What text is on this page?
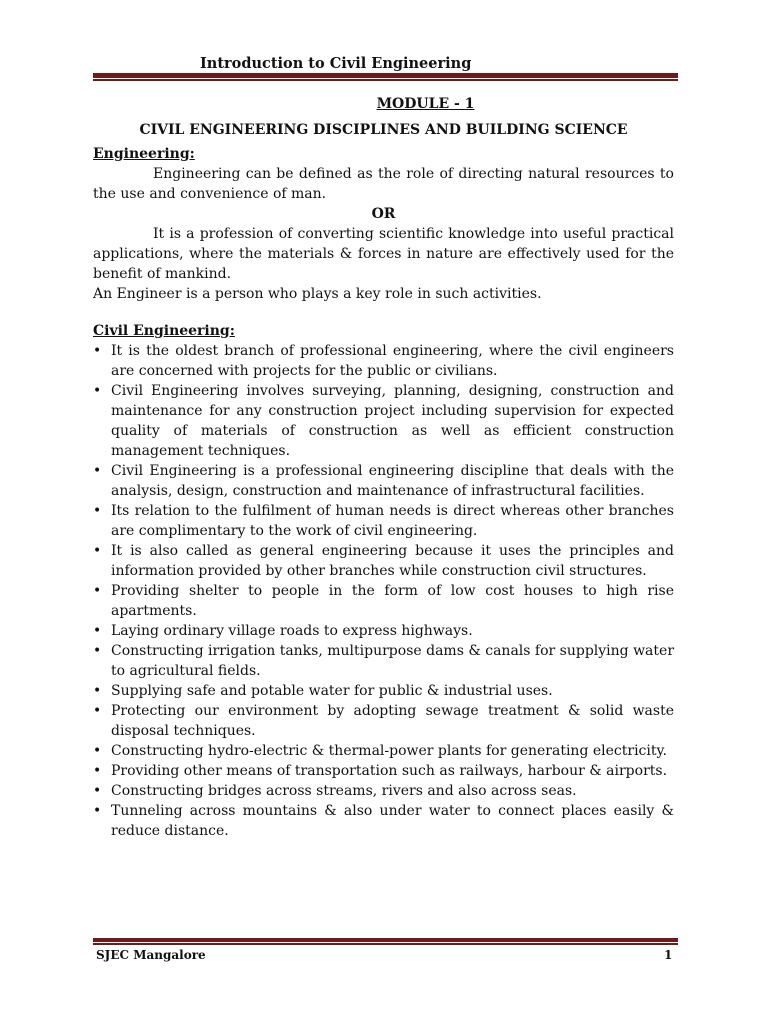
Introduction to Civil Engineering
MODULE - 1
CIVIL ENGINEERING DISCIPLINES AND BUILDING SCIENCE
Engineering:
Engineering can be defined as the role of directing natural resources to the use and convenience of man.
OR
It is a profession of converting scientific knowledge into useful practical applications, where the materials & forces in nature are effectively used for the benefit of mankind.
An Engineer is a person who plays a key role in such activities.
Civil Engineering:
• It is the oldest branch of professional engineering, where the civil engineers are concerned with projects for the public or civilians.
• Civil Engineering involves surveying, planning, designing, construction and maintenance for any construction project including supervision for expected quality of materials of construction as well as efficient construction management techniques.
• Civil Engineering is a professional engineering discipline that deals with the analysis, design, construction and maintenance of infrastructural facilities.
• Its relation to the fulfilment of human needs is direct whereas other branches are complimentary to the work of civil engineering.
• It is also called as general engineering because it uses the principles and information provided by other branches while construction civil structures.
• Providing shelter to people in the form of low cost houses to high rise apartments.
• Laying ordinary village roads to express highways.
• Constructing irrigation tanks, multipurpose dams & canals for supplying water to agricultural fields.
• Supplying safe and potable water for public & industrial uses.
• Protecting our environment by adopting sewage treatment & solid waste disposal techniques.
• Constructing hydro-electric & thermal-power plants for generating electricity.
• Providing other means of transportation such as railways, harbour & airports.
• Constructing bridges across streams, rivers and also across seas.
• Tunneling across mountains & also under water to connect places easily & reduce distance.
SJEC Mangalore	1
